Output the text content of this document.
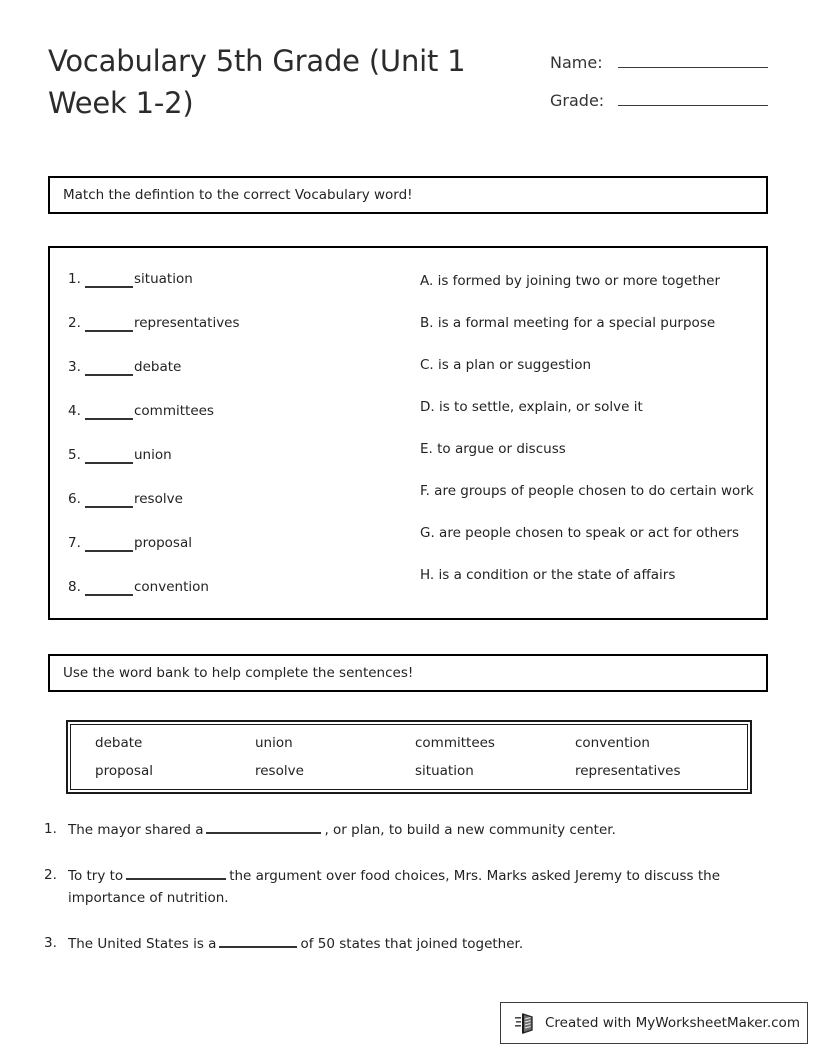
Vocabulary 5th Grade (Unit 1 Week 1-2)
Name:
Grade:
Match the defintion to the correct Vocabulary word!
1.	situation
2.	representatives
3.	debate
4.	committees
5.	union
6.	resolve
7.	proposal
8.	convention
A. is formed by joining two or more together
B. is a formal meeting for a special purpose
C. is a plan or suggestion
D. is to settle, explain, or solve it
E. to argue or discuss
F. are groups of people chosen to do certain work
G. are people chosen to speak or act for others
H. is a condition or the state of affairs
Use the word bank to help complete the sentences!
debate	union	committees	convention
proposal	resolve	situation	representatives
1. The mayor shared a	, or plan, to build a new community center.
2. To try to	the argument over food choices, Mrs. Marks asked Jeremy to discuss the importance of nutrition.
3. The United States is a	of 50 states that joined together.
Created with MyWorksheetMaker.com
